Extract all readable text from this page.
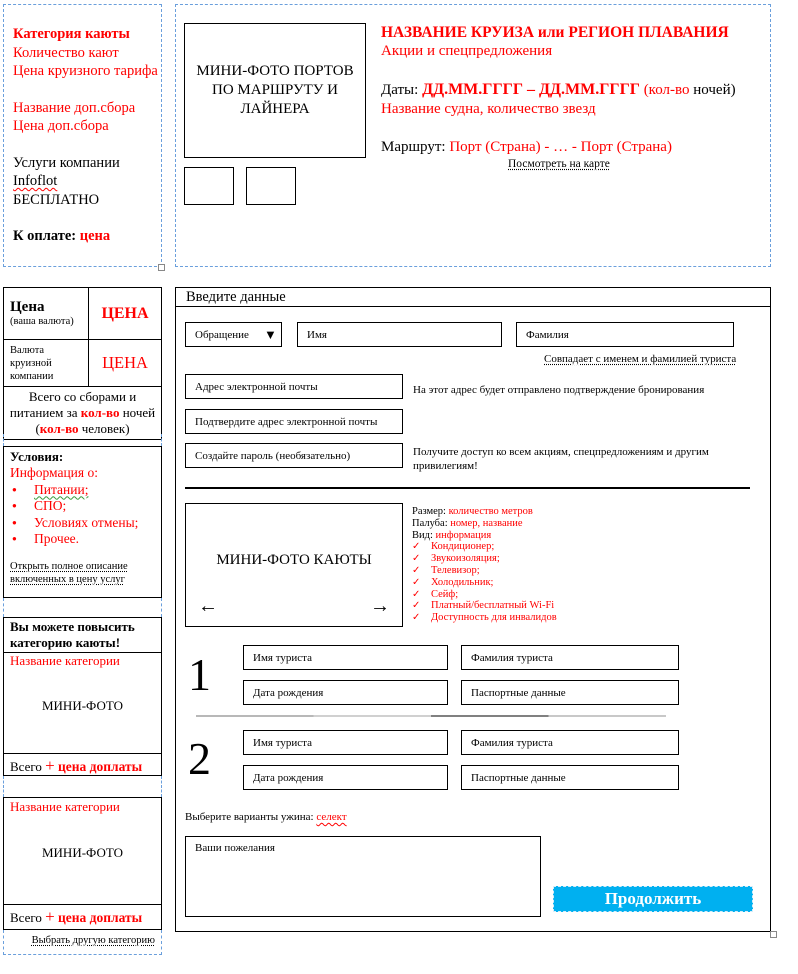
Категория каюты

Количество кают

Цена круизного тарифа

Название доп.сбора

Цена доп.сбора

Услуги компании

Infoflot

БЕСПЛАТНО

К оплате: цена

МИНИ-ФОТО ПОРТОВ ПО МАРШРУТУ И ЛАЙНЕРА
НАЗВАНИЕ КРУИЗА или РЕГИОН ПЛАВАНИЯ
Акции и спецпредложения
Даты: ДД.ММ.ГГГГ – ДД.ММ.ГГГГ (кол-во ночей)
Название судна, количество звезд
Маршрут: Порт (Страна) - … - Порт (Страна)
Посмотреть на карте
Цена
(ваша валюта)	ЦЕНА
Валюта круизной компании	ЦЕНА
Всего со сборами и питанием за кол-во ночей (кол-во человек)	
Условия:
Информация о:
● Питании;
● СПО;
● Условиях отмены;
● Прочее.
Открыть полное описание включенных в цену услуг
Вы можете повысить категорию каюты!
Название категории
МИНИ-ФОТО
Всего + цена доплаты
Название категории
МИНИ-ФОТО
Всего + цена доплаты
Выбрать другую категорию
Введите данные
Обращение ▼	Имя	Фамилия
Совпадает с именем и фамилией туриста
Адрес электронной почты	На этот адрес будет отправлено подтверждение бронирования
Подтвердите адрес электронной почты
Создайте пароль (необязательно)	Получите доступ ко всем акциям, спецпредложениям и другим привилегиям!
МИНИ-ФОТО КАЮТЫ
←	→
Размер: количество метров
Палуба: номер, название
Вид: информация
✓ Кондиционер;
✓ Звукоизоляция;
✓ Телевизор;
✓ Холодильник;
✓ Сейф;
✓ Платный/бесплатный Wi-Fi
✓ Доступность для инвалидов
1	Имя туриста	Фамилия туриста
Дата рождения	Паспортные данные
2	Имя туриста	Фамилия туриста
Дата рождения	Паспортные данные
Выберите варианты ужина: селект
Ваши пожелания
Продолжить
